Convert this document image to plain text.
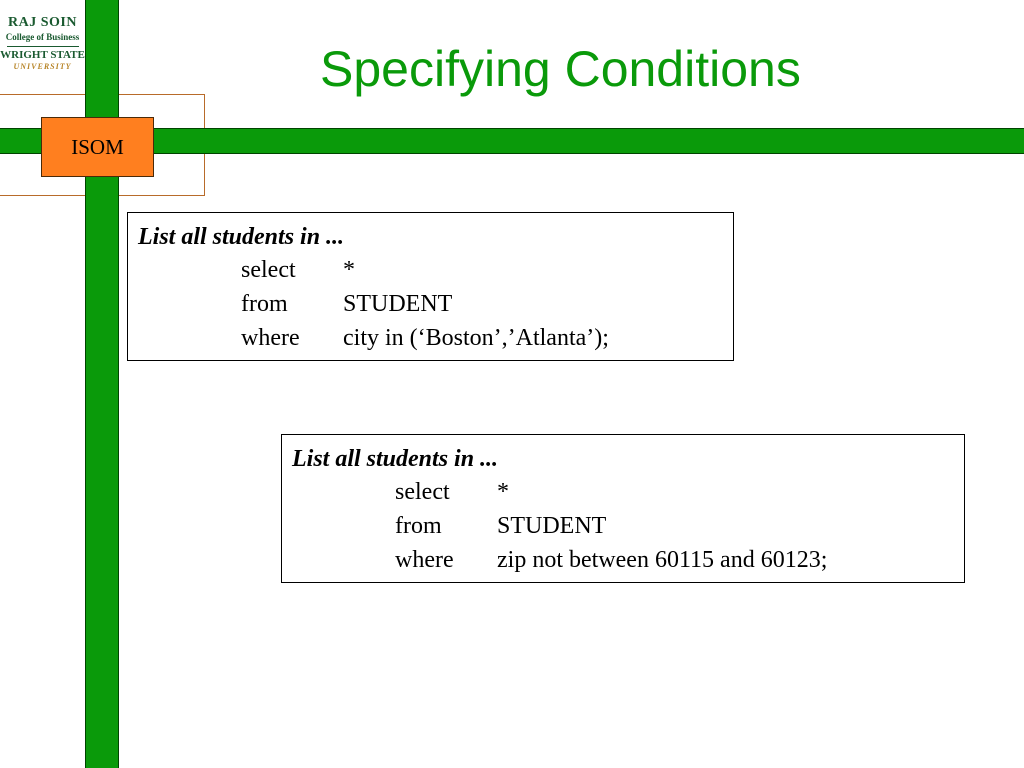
RAJ SOIN
College of Business
WRIGHT STATE
UNIVERSITY
ISOM
Specifying Conditions
List all students in ...
select *
from STUDENT
where city in (‘Boston’,’Atlanta’);
List all students in ...
select *
from STUDENT
where zip not between 60115 and 60123;
